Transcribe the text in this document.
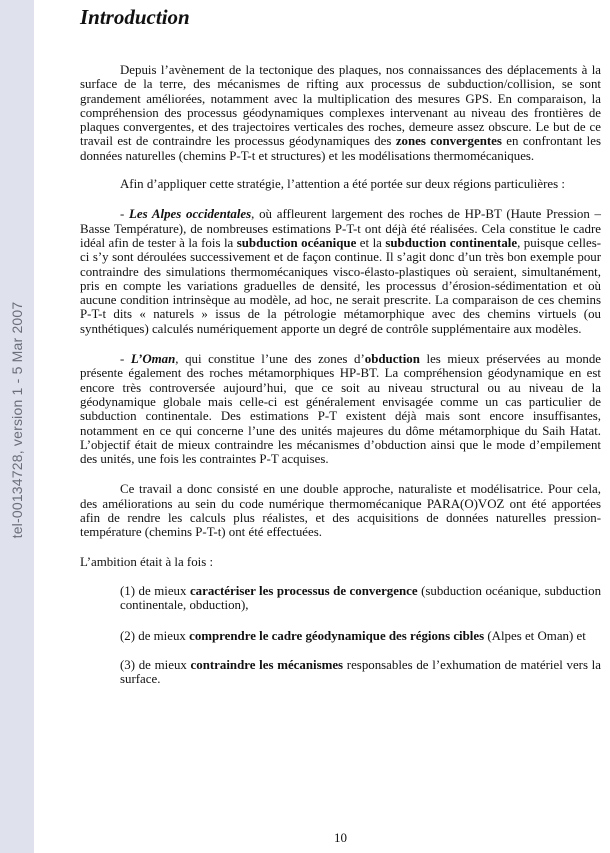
tel-00134728, version 1 - 5 Mar 2007
Introduction

Depuis l’avènement de la tectonique des plaques, nos connaissances des déplacements à la surface de la terre, des mécanismes de rifting aux processus de subduction/collision, se sont grandement améliorées, notamment avec la multiplication des mesures GPS. En comparaison, la compréhension des processus géodynamiques complexes intervenant au niveau des frontières de plaques convergentes, et des trajectoires verticales des roches, demeure assez obscure. Le but de ce travail est de contraindre les processus géodynamiques des zones convergentes en confrontant les données naturelles (chemins P-T-t et structures) et les modélisations thermomécaniques.

Afin d’appliquer cette stratégie, l’attention a été portée sur deux régions particulières :

- Les Alpes occidentales, où affleurent largement des roches de HP-BT (Haute Pression – Basse Température), de nombreuses estimations P-T-t ont déjà été réalisées. Cela constitue le cadre idéal afin de tester à la fois la subduction océanique et la subduction continentale, puisque celles-ci s’y sont déroulées successivement et de façon continue. Il s’agit donc d’un très bon exemple pour contraindre des simulations thermomécaniques visco-élasto-plastiques où seraient, simultanément, pris en compte les variations graduelles de densité, les processus d’érosion-sédimentation et où aucune condition intrinsèque au modèle, ad hoc, ne serait prescrite. La comparaison de ces chemins P-T-t dits « naturels » issus de la pétrologie métamorphique avec des chemins virtuels (ou synthétiques) calculés numériquement apporte un degré de contrôle supplémentaire aux modèles.

- L’Oman, qui constitue l’une des zones d’obduction les mieux préservées au monde présente également des roches métamorphiques HP-BT. La compréhension géodynamique en est encore très controversée aujourd’hui, que ce soit au niveau structural ou au niveau de la géodynamique globale mais celle-ci est généralement envisagée comme un cas particulier de subduction continentale. Des estimations P-T existent déjà mais sont encore insuffisantes, notamment en ce qui concerne l’une des unités majeures du dôme métamorphique du Saih Hatat. L’objectif était de mieux contraindre les mécanismes d’obduction ainsi que le mode d’empilement des unités, une fois les contraintes P-T acquises.

Ce travail a donc consisté en une double approche, naturaliste et modélisatrice. Pour cela, des améliorations au sein du code numérique thermomécanique PARA(O)VOZ ont été apportées afin de rendre les calculs plus réalistes, et des acquisitions de données naturelles pression-température (chemins P-T-t) ont été effectuées.

L’ambition était à la fois :

(1) de mieux caractériser les processus de convergence (subduction océanique, subduction continentale, obduction),

(2) de mieux comprendre le cadre géodynamique des régions cibles (Alpes et Oman) et

(3) de mieux contraindre les mécanismes responsables de l’exhumation de matériel vers la surface.

10
